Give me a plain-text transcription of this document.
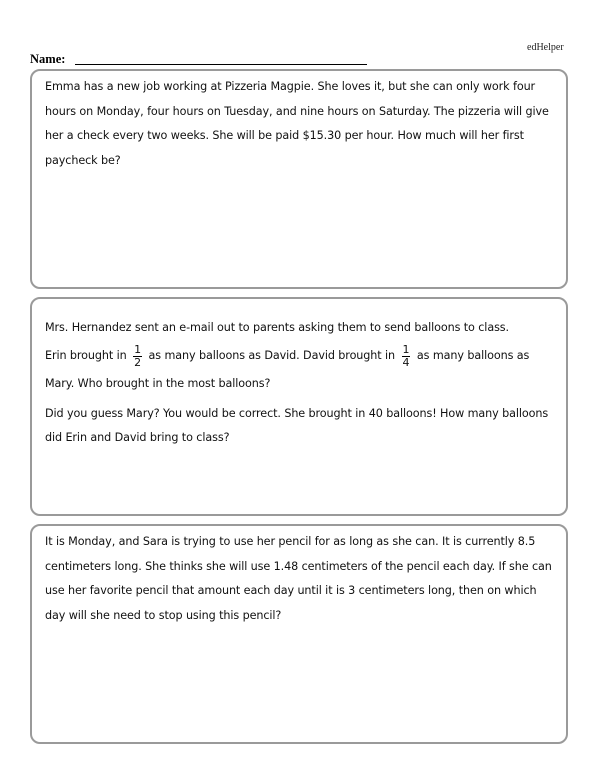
edHelper
Name:
Emma has a new job working at Pizzeria Magpie. She loves it, but she can only work four hours on Monday, four hours on Tuesday, and nine hours on Saturday. The pizzeria will give her a check every two weeks. She will be paid $15.30 per hour. How much will her first paycheck be?
Mrs. Hernandez sent an e-mail out to parents asking them to send balloons to class.
Erin brought in $\frac{1}{2}$ as many balloons as David. David brought in $\frac{1}{4}$ as many balloons as
Mary. Who brought in the most balloons?
Did you guess Mary? You would be correct. She brought in 40 balloons! How many balloons did Erin and David bring to class?
It is Monday, and Sara is trying to use her pencil for as long as she can. It is currently 8.5 centimeters long. She thinks she will use 1.48 centimeters of the pencil each day. If she can use her favorite pencil that amount each day until it is 3 centimeters long, then on which day will she need to stop using this pencil?
